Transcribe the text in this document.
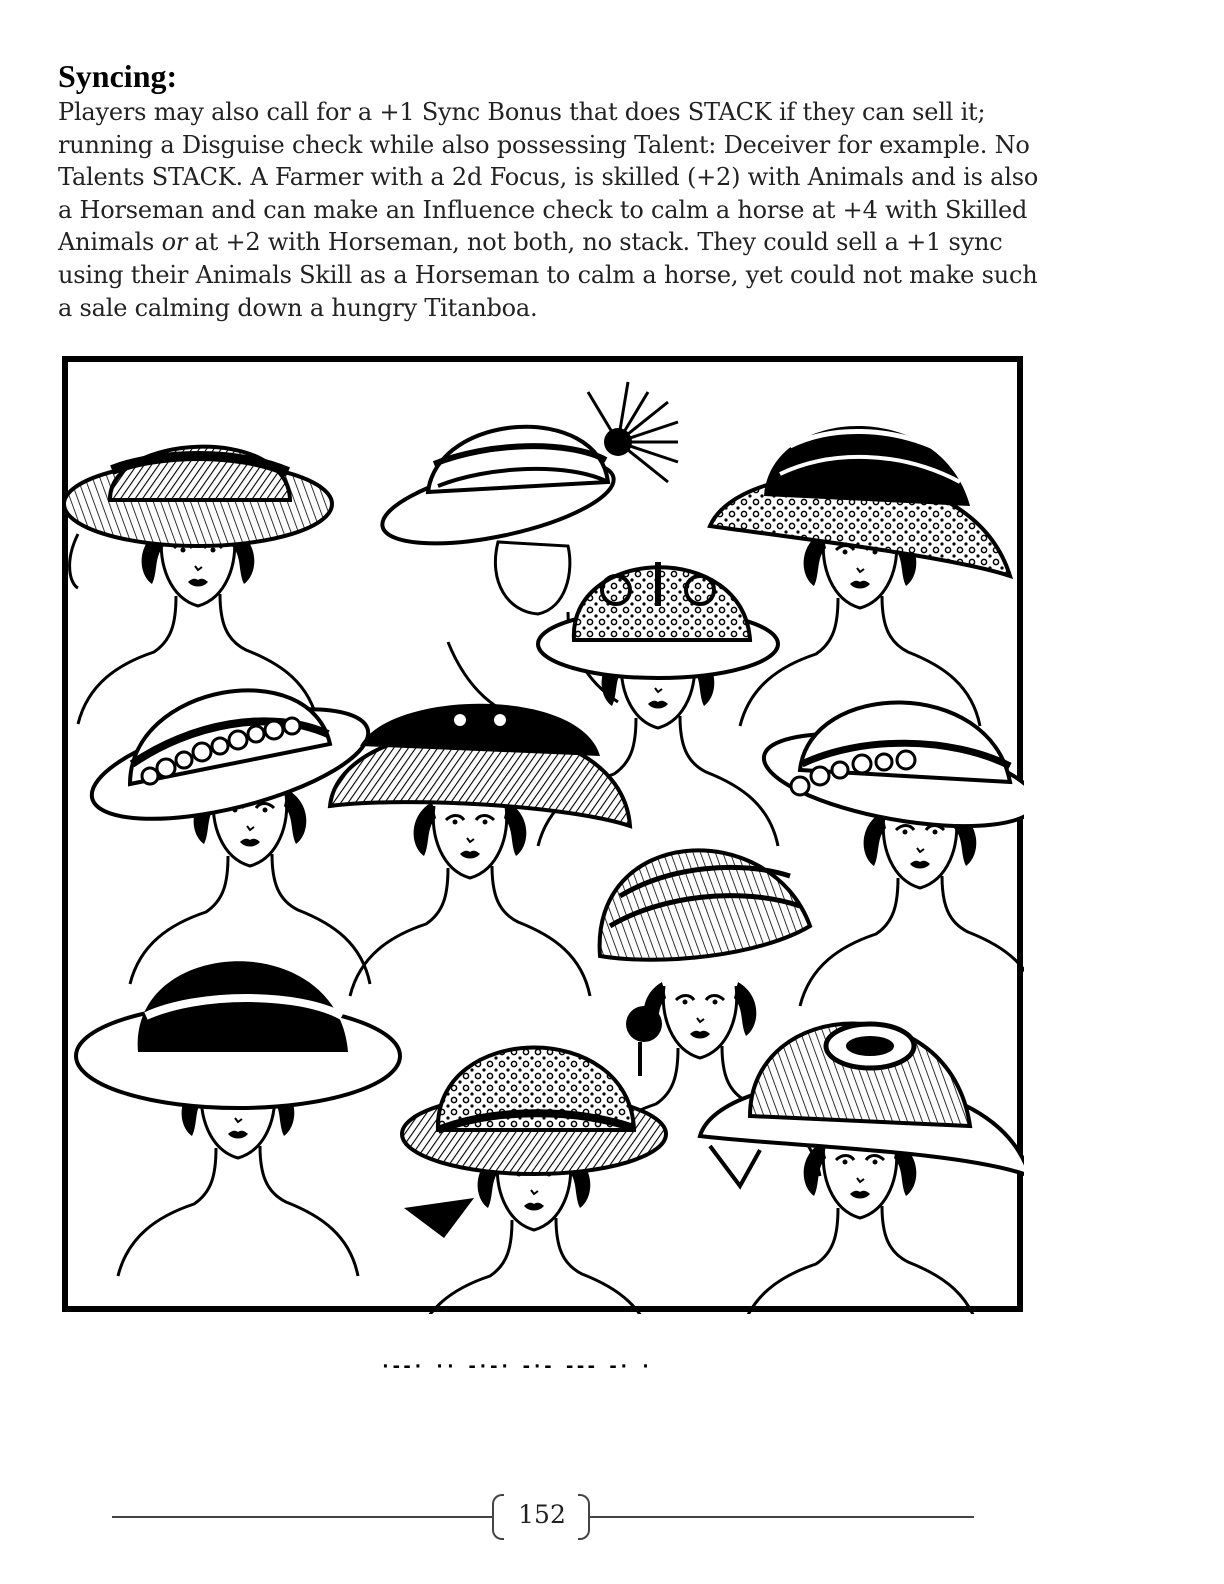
Syncing:
Players may also call for a +1 Sync Bonus that does STACK if they can sell it;
running a Disguise check while also possessing Talent: Deceiver for example. No
Talents STACK. A Farmer with a 2d Focus, is skilled (+2) with Animals and is also
a Horseman and can make an Influence check to calm a horse at +4 with Skilled
Animals or at +2 with Horseman, not both, no stack. They could sell a +1 sync
using their Animals Skill as a Horseman to calm a horse, yet could not make such
a sale calming down a hungry Titanboa.
·--· ·· -·-· -·- --- -· ·
152
